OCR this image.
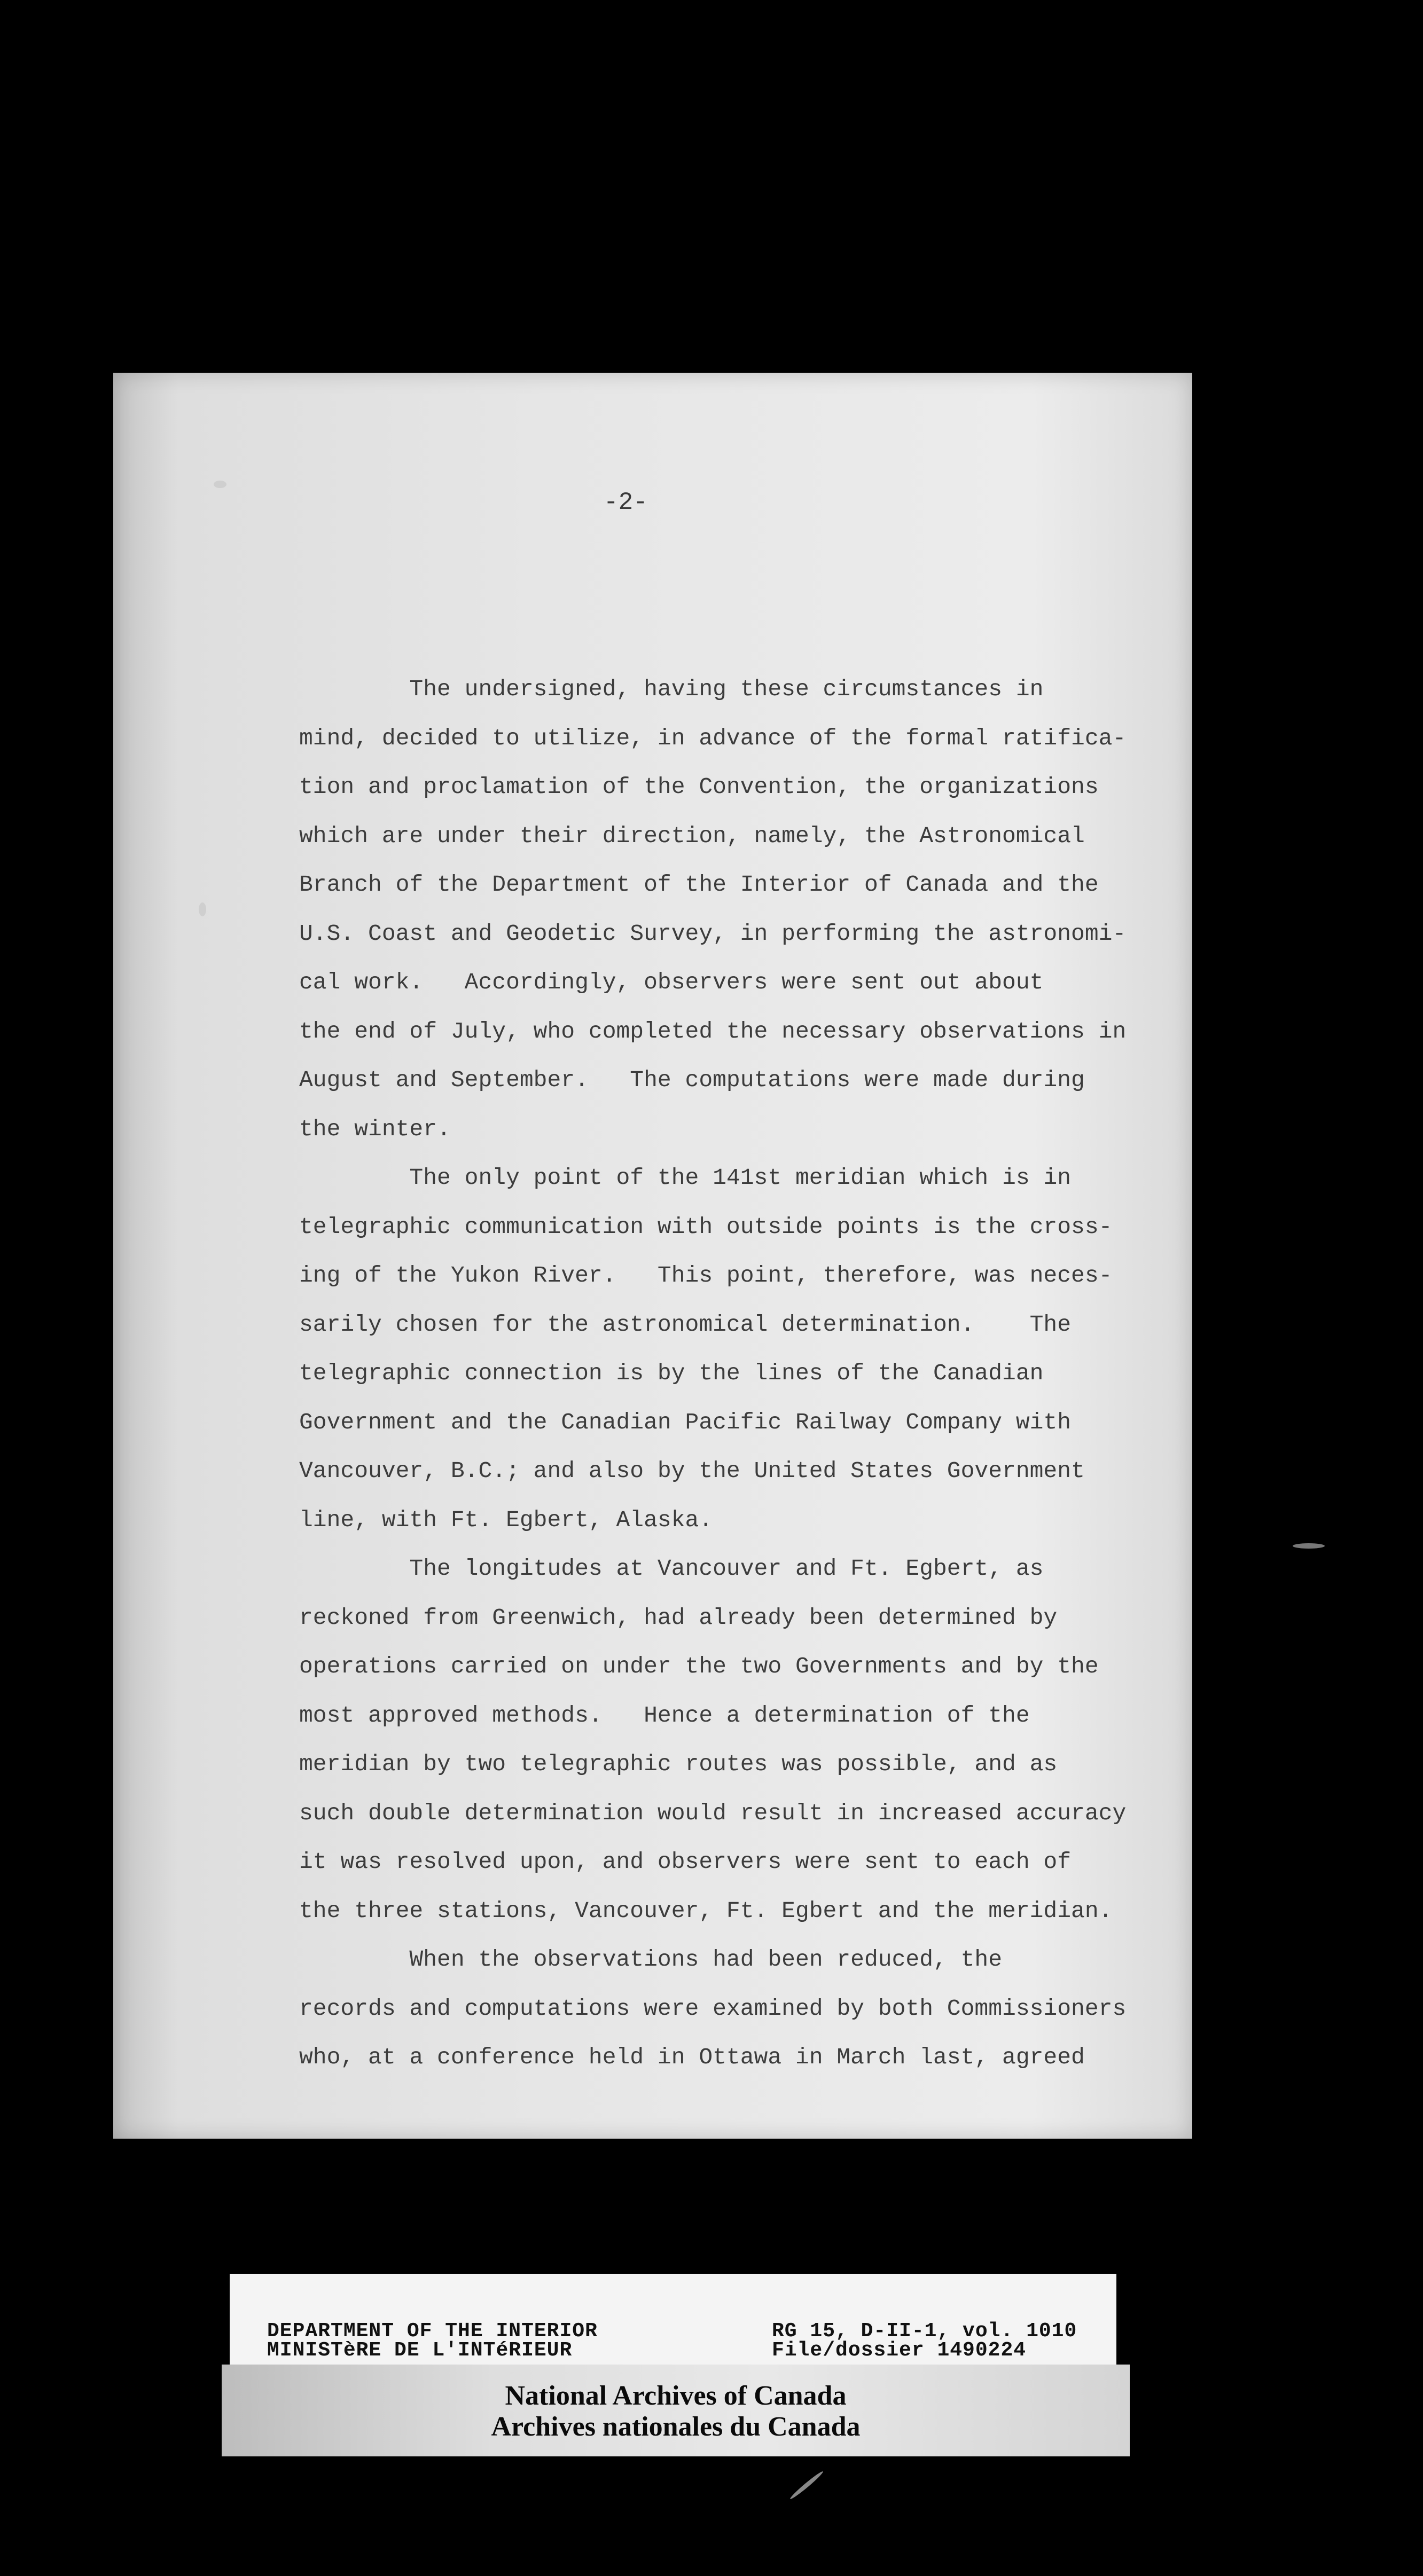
-2-
The undersigned, having these circumstances in
mind, decided to utilize, in advance of the formal ratifica-
tion and proclamation of the Convention, the organizations
which are under their direction, namely, the Astronomical
Branch of the Department of the Interior of Canada and the
U.S. Coast and Geodetic Survey, in performing the astronomi-
cal work.   Accordingly, observers were sent out about
the end of July, who completed the necessary observations in
August and September.   The computations were made during
the winter.
The only point of the 141st meridian which is in
telegraphic communication with outside points is the cross-
ing of the Yukon River.   This point, therefore, was neces-
sarily chosen for the astronomical determination.    The
telegraphic connection is by the lines of the Canadian
Government and the Canadian Pacific Railway Company with
Vancouver, B.C.; and also by the United States Government
line, with Ft. Egbert, Alaska.
The longitudes at Vancouver and Ft. Egbert, as
reckoned from Greenwich, had already been determined by
operations carried on under the two Governments and by the
most approved methods.   Hence a determination of the
meridian by two telegraphic routes was possible, and as
such double determination would result in increased accuracy
it was resolved upon, and observers were sent to each of
the three stations, Vancouver, Ft. Egbert and the meridian.
When the observations had been reduced, the
records and computations were examined by both Commissioners
who, at a conference held in Ottawa in March last, agreed
DEPARTMENT OF THE INTERIOR
MINISTèRE DE L'INTéRIEUR
RG 15, D-II-1, vol. 1010
File/dossier 1490224
National Archives of Canada
Archives nationales du Canada
